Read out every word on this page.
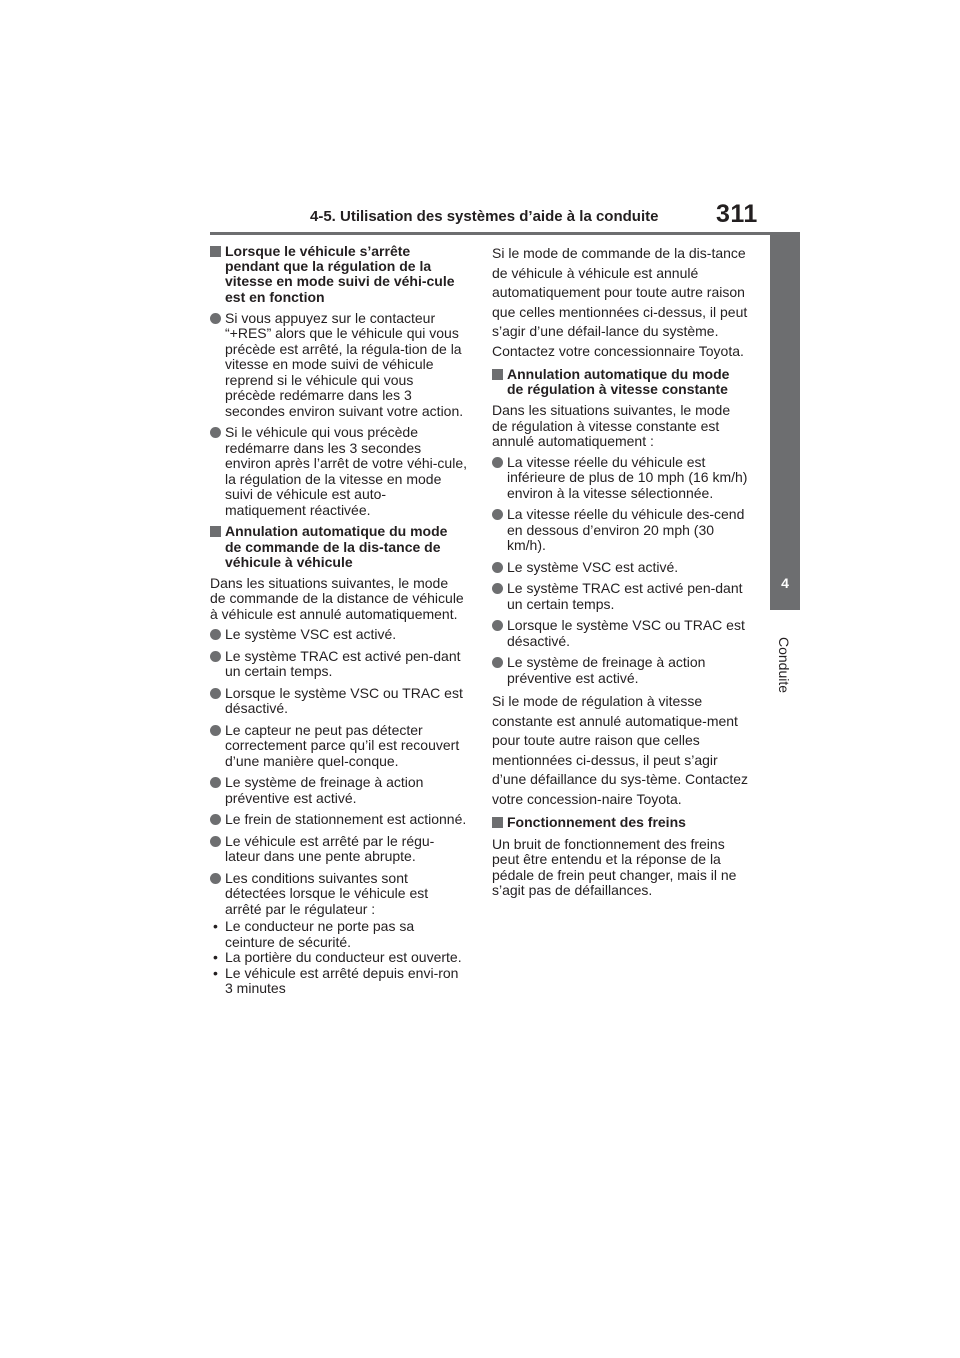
4-5. Utilisation des systèmes d’aide à la conduite 311
4
Conduite
Lorsque le véhicule s’arrête pendant que la régulation de la vitesse en mode suivi de véhi-cule est en fonction
Si vous appuyez sur le contacteur “+RES” alors que le véhicule qui vous précède est arrêté, la régula-tion de la vitesse en mode suivi de véhicule reprend si le véhicule qui vous précède redémarre dans les 3 secondes environ suivant votre action.
Si le véhicule qui vous précède redémarre dans les 3 secondes environ après l’arrêt de votre véhi-cule, la régulation de la vitesse en mode suivi de véhicule est auto-matiquement réactivée.
Annulation automatique du mode de commande de la dis-tance de véhicule à véhicule
Dans les situations suivantes, le mode de commande de la distance de véhicule à véhicule est annulé automatiquement.
Le système VSC est activé.
Le système TRAC est activé pen-dant un certain temps.
Lorsque le système VSC ou TRAC est désactivé.
Le capteur ne peut pas détecter correctement parce qu’il est recouvert d’une manière quel-conque.
Le système de freinage à action préventive est activé.
Le frein de stationnement est actionné.
Le véhicule est arrêté par le régu-lateur dans une pente abrupte.
Les conditions suivantes sont détectées lorsque le véhicule est arrêté par le régulateur :
• Le conducteur ne porte pas sa ceinture de sécurité.
• La portière du conducteur est ouverte.
• Le véhicule est arrêté depuis envi-ron 3 minutes
Si le mode de commande de la dis-tance de véhicule à véhicule est annulé automatiquement pour toute autre raison que celles mentionnées ci-dessus, il peut s’agir d’une défail-lance du système. Contactez votre concessionnaire Toyota.
Annulation automatique du mode de régulation à vitesse constante
Dans les situations suivantes, le mode de régulation à vitesse constante est annulé automatiquement :
La vitesse réelle du véhicule est inférieure de plus de 10 mph (16 km/h) environ à la vitesse sélectionnée.
La vitesse réelle du véhicule des-cend en dessous d’environ 20 mph (30 km/h).
Le système VSC est activé.
Le système TRAC est activé pen-dant un certain temps.
Lorsque le système VSC ou TRAC est désactivé.
Le système de freinage à action préventive est activé.
Si le mode de régulation à vitesse constante est annulé automatique-ment pour toute autre raison que celles mentionnées ci-dessus, il peut s’agir d’une défaillance du sys-tème. Contactez votre concession-naire Toyota.
Fonctionnement des freins
Un bruit de fonctionnement des freins peut être entendu et la réponse de la pédale de frein peut changer, mais il ne s’agit pas de défaillances.
